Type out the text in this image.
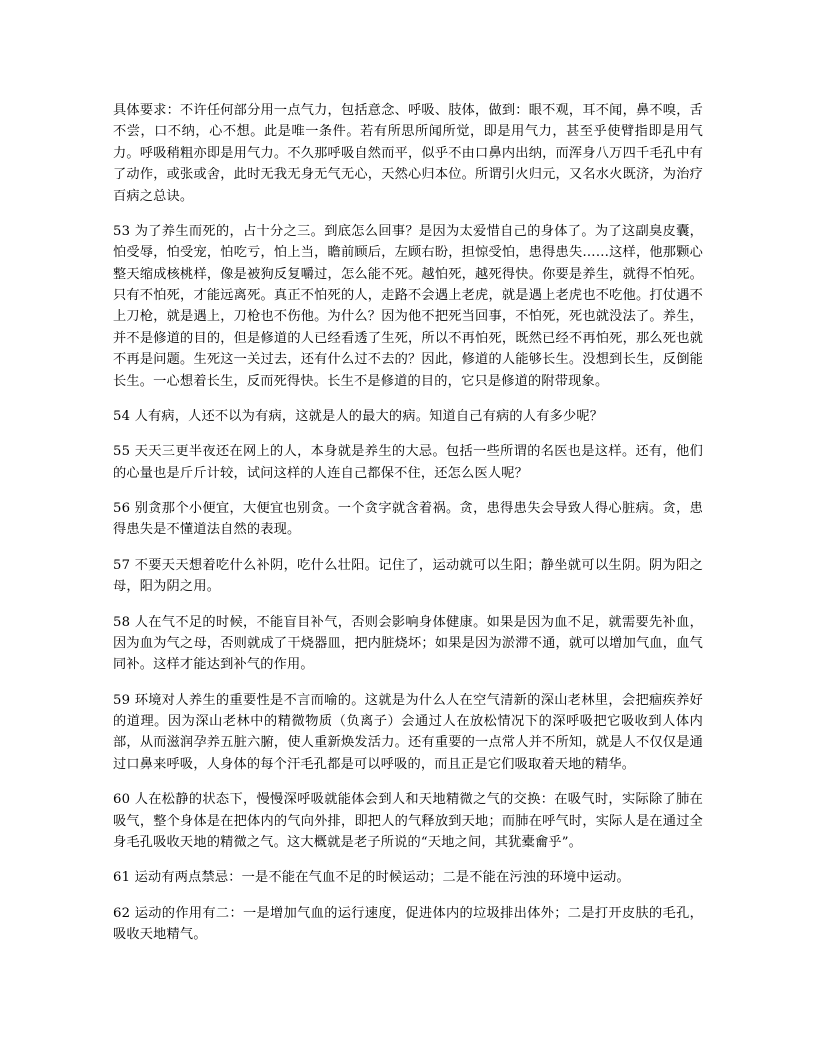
具体要求：不许任何部分用一点气力，包括意念、呼吸、肢体，做到：眼不观，耳不闻，鼻不嗅，舌不尝，口不纳，心不想。此是唯一条件。若有所思所闻所觉，即是用气力，甚至乎使臂指即是用气力。呼吸稍粗亦即是用气力。不久那呼吸自然而平，似乎不由口鼻内出纳，而浑身八万四千毛孔中有了动作，或张或舍，此时无我无身无气无心，天然心归本位。所谓引火归元，又名水火既济，为治疗百病之总诀。

53 为了养生而死的，占十分之三。到底怎么回事？是因为太爱惜自己的身体了。为了这副臭皮囊，怕受辱，怕受宠，怕吃亏，怕上当，瞻前顾后，左顾右盼，担惊受怕，患得患失……这样，他那颗心整天缩成核桃样，像是被狗反复嚼过，怎么能不死。越怕死，越死得快。你要是养生，就得不怕死。只有不怕死，才能远离死。真正不怕死的人，走路不会遇上老虎，就是遇上老虎也不吃他。打仗遇不上刀枪，就是遇上，刀枪也不伤他。为什么？因为他不把死当回事，不怕死，死也就没法了。养生，并不是修道的目的，但是修道的人已经看透了生死，所以不再怕死，既然已经不再怕死，那么死也就不再是问题。生死这一关过去，还有什么过不去的？因此，修道的人能够长生。没想到长生，反倒能长生。一心想着长生，反而死得快。长生不是修道的目的，它只是修道的附带现象。

54 人有病，人还不以为有病，这就是人的最大的病。知道自己有病的人有多少呢？

55 天天三更半夜还在网上的人，本身就是养生的大忌。包括一些所谓的名医也是这样。还有，他们的心量也是斤斤计较，试问这样的人连自己都保不住，还怎么医人呢？

56 别贪那个小便宜，大便宜也别贪。一个贪字就含着祸。贪，患得患失会导致人得心脏病。贪，患得患失是不懂道法自然的表现。

57 不要天天想着吃什么补阴，吃什么壮阳。记住了，运动就可以生阳；静坐就可以生阴。阴为阳之母，阳为阴之用。

58 人在气不足的时候，不能盲目补气，否则会影响身体健康。如果是因为血不足，就需要先补血，因为血为气之母，否则就成了干烧器皿，把内脏烧坏；如果是因为淤滞不通，就可以增加气血，血气同补。这样才能达到补气的作用。

59 环境对人养生的重要性是不言而喻的。这就是为什么人在空气清新的深山老林里，会把痼疾养好的道理。因为深山老林中的精微物质（负离子）会通过人在放松情况下的深呼吸把它吸收到人体内部，从而滋润孕养五脏六腑，使人重新焕发活力。还有重要的一点常人并不所知，就是人不仅仅是通过口鼻来呼吸，人身体的每个汗毛孔都是可以呼吸的，而且正是它们吸取着天地的精华。

60 人在松静的状态下，慢慢深呼吸就能体会到人和天地精微之气的交换：在吸气时，实际除了肺在吸气，整个身体是在把体内的气向外排，即把人的气释放到天地；而肺在呼气时，实际人是在通过全身毛孔吸收天地的精微之气。这大概就是老子所说的“天地之间，其犹橐龠乎”。

61 运动有两点禁忌：一是不能在气血不足的时候运动；二是不能在污浊的环境中运动。

62 运动的作用有二：一是增加气血的运行速度，促进体内的垃圾排出体外；二是打开皮肤的毛孔，吸收天地精气。
